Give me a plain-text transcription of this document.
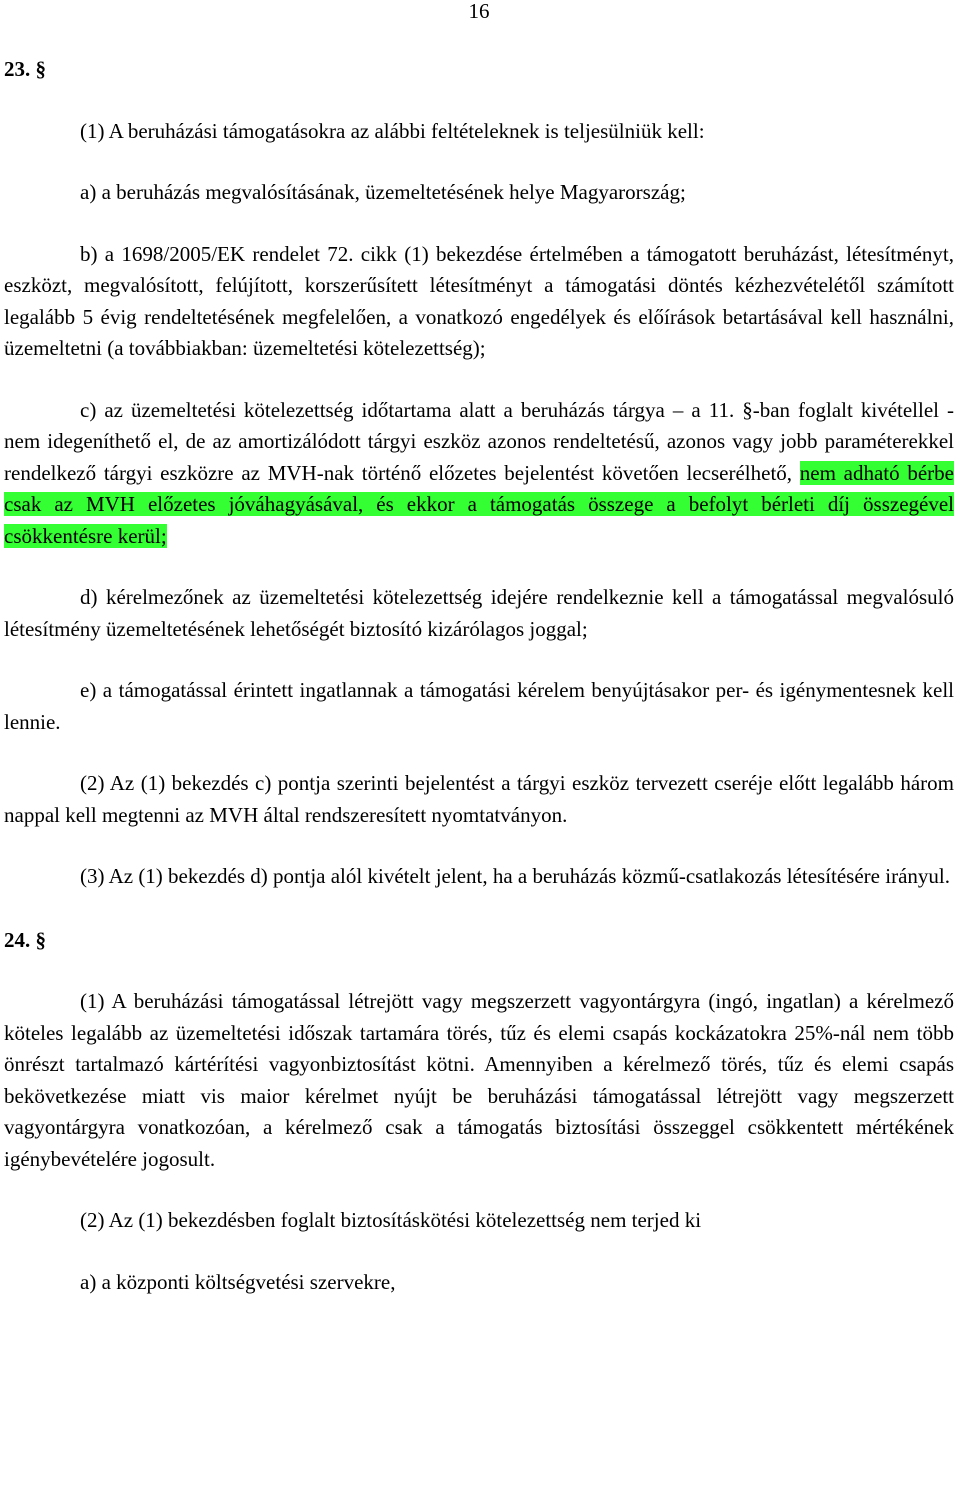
16

23. §

(1) A beruházási támogatásokra az alábbi feltételeknek is teljesülniük kell:

a) a beruházás megvalósításának, üzemeltetésének helye Magyarország;

b) a 1698/2005/EK rendelet 72. cikk (1) bekezdése értelmében a támogatott beruházást, létesítményt, eszközt, megvalósított, felújított, korszerűsített létesítményt a támogatási döntés kézhezvételétől számított legalább 5 évig rendeltetésének megfelelően, a vonatkozó engedélyek és előírások betartásával kell használni, üzemeltetni (a továbbiakban: üzemeltetési kötelezettség);

c) az üzemeltetési kötelezettség időtartama alatt a beruházás tárgya – a 11. §-ban foglalt kivétellel - nem idegeníthető el, de az amortizálódott tárgyi eszköz azonos rendeltetésű, azonos vagy jobb paraméterekkel rendelkező tárgyi eszközre az MVH-nak történő előzetes bejelentést követően lecserélhető, nem adható bérbe csak az MVH előzetes jóváhagyásával, és ekkor a támogatás összege a befolyt bérleti díj összegével csökkentésre kerül;

d) kérelmezőnek az üzemeltetési kötelezettség idejére rendelkeznie kell a támogatással megvalósuló létesítmény üzemeltetésének lehetőségét biztosító kizárólagos joggal;

e) a támogatással érintett ingatlannak a támogatási kérelem benyújtásakor per- és igénymentesnek kell lennie.

(2) Az (1) bekezdés c) pontja szerinti bejelentést a tárgyi eszköz tervezett cseréje előtt legalább három nappal kell megtenni az MVH által rendszeresített nyomtatványon.

(3) Az (1) bekezdés d) pontja alól kivételt jelent, ha a beruházás közmű-csatlakozás létesítésére irányul.

24. §

(1) A beruházási támogatással létrejött vagy megszerzett vagyontárgyra (ingó, ingatlan) a kérelmező köteles legalább az üzemeltetési időszak tartamára törés, tűz és elemi csapás kockázatokra 25%-nál nem több önrészt tartalmazó kártérítési vagyonbiztosítást kötni. Amennyiben a kérelmező törés, tűz és elemi csapás bekövetkezése miatt vis maior kérelmet nyújt be beruházási támogatással létrejött vagy megszerzett vagyontárgyra vonatkozóan, a kérelmező csak a támogatás biztosítási összeggel csökkentett mértékének igénybevételére jogosult.

(2) Az (1) bekezdésben foglalt biztosításkötési kötelezettség nem terjed ki

a) a központi költségvetési szervekre,
